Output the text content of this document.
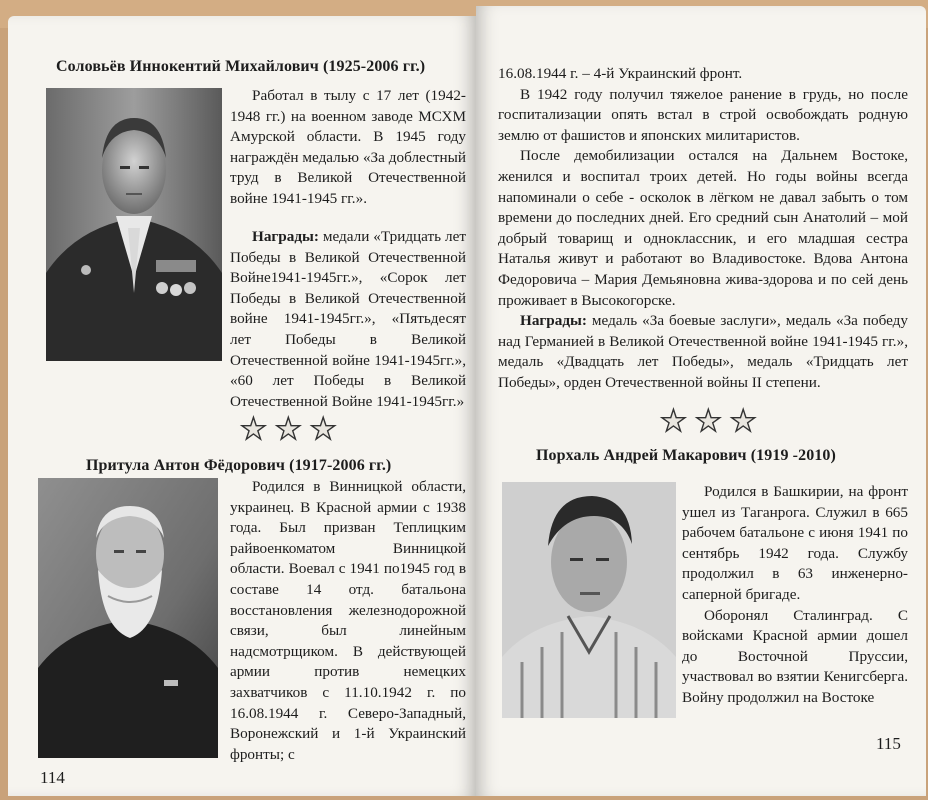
Соловьёв Иннокентий Михайлович (1925-2006 гг.)

Работал в тылу с 17 лет (1942-1948 гг.) на военном заводе МСХМ Амурской области. В 1945 году награждён медалью «За доблестный труд в Великой Отечественной войне 1941-1945 гг.».

Награды: медали «Тридцать лет Победы в Великой Отечественной Войне1941-1945гг.», «Сорок лет Победы в Великой Отечественной войне 1941-1945гг.», «Пятьдесят лет Победы в Великой Отечественной войне 1941-1945гг.», «60 лет Победы в Великой Отечественной Войне 1941-1945гг.»

★★★
Притула Антон Фёдорович (1917-2006 гг.)

Родился в Винницкой области, украинец. В Красной армии с 1938 года. Был призван Теплицким райвоенкоматом Винницкой области. Воевал с 1941 по1945 год в составе 14 отд. батальона восстановления железнодорожной связи, был линейным надсмотрщиком. В действующей армии против немецких захватчиков с 11.10.1942 г. по 16.08.1944 г. Северо-Западный, Воронежский и 1-й Украинский фронты; с

114

16.08.1944 г. – 4-й Украинский фронт.

В 1942 году получил тяжелое ранение в грудь, но после госпитализации опять встал в строй освобождать родную землю от фашистов и японских милитаристов.

После демобилизации остался на Дальнем Востоке, женился и воспитал троих детей. Но годы войны всегда напоминали о себе - осколок в лёгком не давал забыть о том времени до последних дней. Его средний сын Анатолий – мой добрый товарищ и одноклассник, и его младшая сестра Наталья живут и работают во Владивостоке. Вдова Антона Федоровича – Мария Демьяновна жива-здорова и по сей день проживает в Высокогорске.

Награды: медаль «За боевые заслуги», медаль «За победу над Германией в Великой Отечественной войне 1941-1945 гг.», медаль «Двадцать лет Победы», медаль «Тридцать лет Победы», орден Отечественной войны II степени.

★★★
Порхаль Андрей Макарович (1919 -2010)

Родился в Башкирии, на фронт ушел из Таганрога. Служил в 665 рабочем батальоне с июня 1941 по сентябрь 1942 года. Службу продолжил в 63 инженерно-саперной бригаде.

Оборонял Сталинград. С войсками Красной армии дошел до Восточной Пруссии, участвовал во взятии Кенигсберга. Войну продолжил на Востоке

115
